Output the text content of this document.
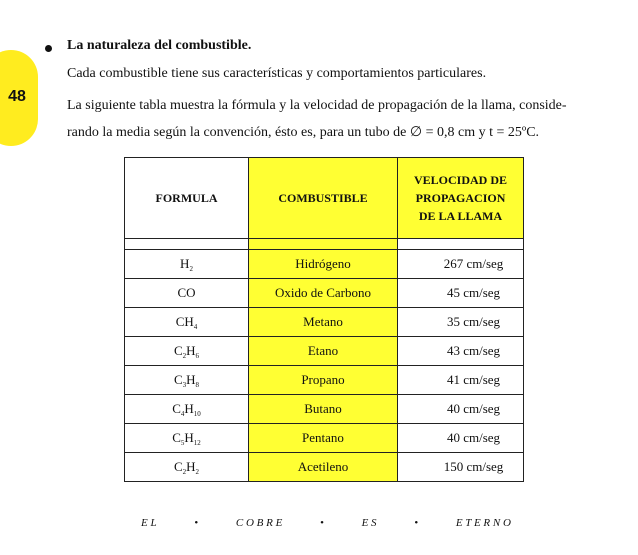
48
La naturaleza del combustible.
Cada combustible tiene sus características y comportamientos particulares.
La siguiente tabla muestra la fórmula y la velocidad de propagación de la llama, conside-
rando la media según la convención, ésto es, para un tubo de ∅ = 0,8 cm y t = 25ºC.
FORMULA	COMBUSTIBLE	VELOCIDAD DE
PROPAGACION
DE LA LLAMA

$H_2$	Hidrógeno	267 cm/seg
CO	Oxido de Carbono	45 cm/seg
$CH_4$	Metano	35 cm/seg
$C_2H_6$	Etano	43 cm/seg
$C_3H_8$	Propano	41 cm/seg
$C_4H_{10}$	Butano	40 cm/seg
$C_5H_{12}$	Pentano	40 cm/seg
$C_2H_2$	Acetileno	150 cm/seg
E L	•	C O B R E	•	E S	•	E T E R N O
